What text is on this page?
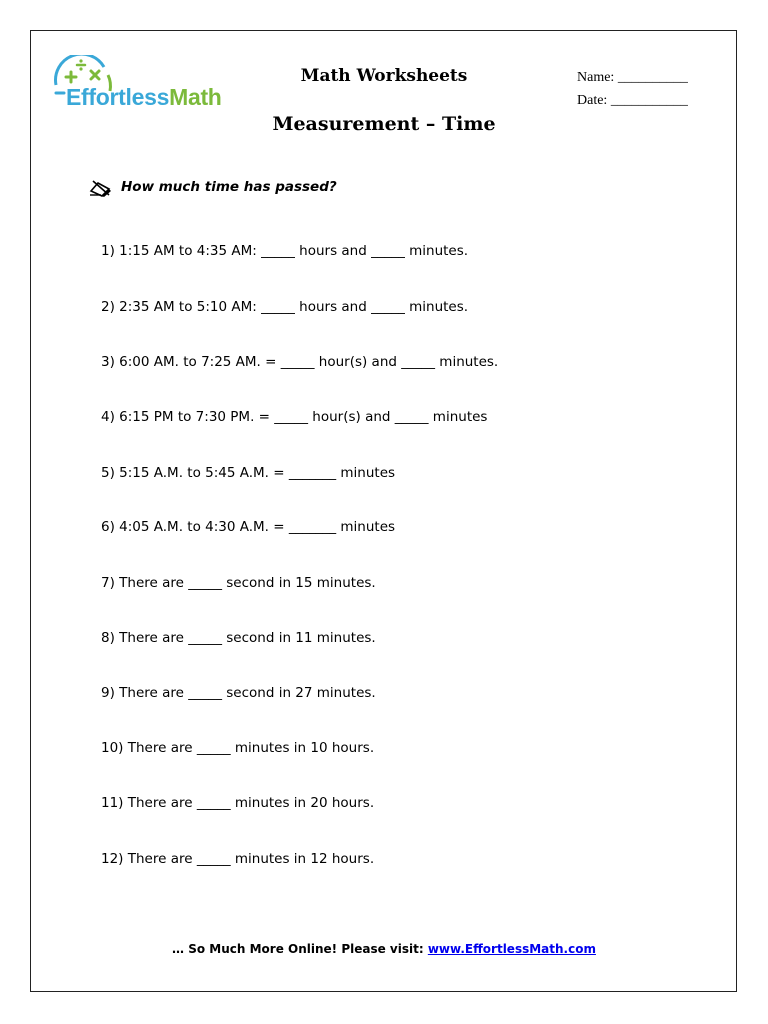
EffortlessMath
Math Worksheets
Measurement – Time
Name: __________
Date: ___________
How much time has passed?
1) 1:15 AM to 4:35 AM: _____ hours and _____ minutes.
2) 2:35 AM to 5:10 AM: _____ hours and _____ minutes.
3) 6:00 AM. to 7:25 AM. = _____ hour(s) and _____ minutes.
4) 6:15 PM to 7:30 PM. = _____ hour(s) and _____ minutes
5) 5:15 A.M. to 5:45 A.M. = _______ minutes
6) 4:05 A.M. to 4:30 A.M. = _______ minutes
7) There are _____ second in 15 minutes.
8) There are _____ second in 11 minutes.
9) There are _____ second in 27 minutes.
10) There are _____ minutes in 10 hours.
11) There are _____ minutes in 20 hours.
12) There are _____ minutes in 12 hours.
… So Much More Online! Please visit: www.EffortlessMath.com
